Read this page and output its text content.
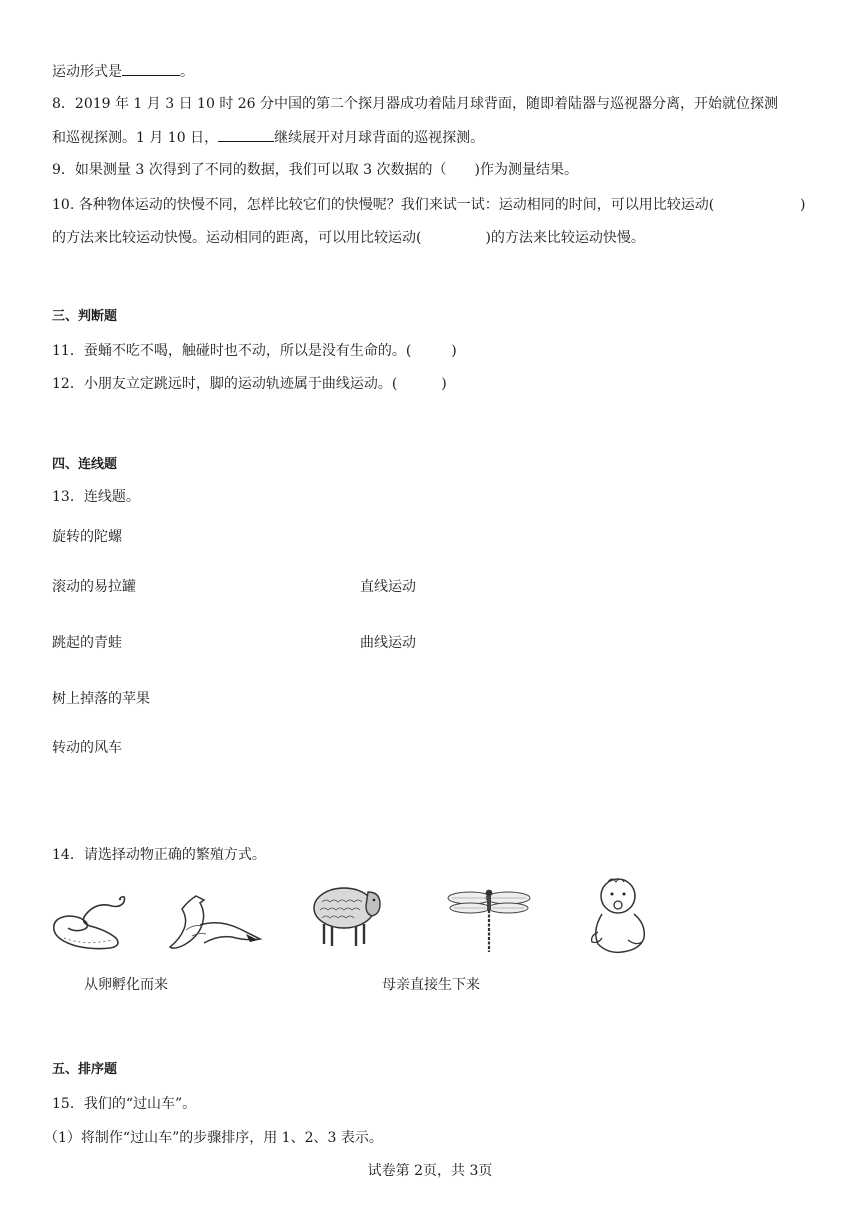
运动形式是	。
8．2019 年 1 月 3 日 10 时 26 分中国的第二个探月器成功着陆月球背面，随即着陆器与巡视器分离，开始就位探测
和巡视探测。1 月 10 日，	继续展开对月球背面的巡视探测。
9．如果测量 3 次得到了不同的数据，我们可以取 3 次数据的（ )作为测量结果。
10. 各种物体运动的快慢不同，怎样比较它们的快慢呢？我们来试一试：运动相同的时间，可以用比较运动(	)
的方法来比较运动快慢。运动相同的距离，可以用比较运动(	)的方法来比较运动快慢。
三、判断题
11．蚕蛹不吃不喝，触碰时也不动，所以是没有生命的。(	)
12．小朋友立定跳远时，脚的运动轨迹属于曲线运动。(	)
四、连线题
13．连线题。
旋转的陀螺
滚动的易拉罐
跳起的青蛙
树上掉落的苹果
转动的风车
直线运动
曲线运动
14．请选择动物正确的繁殖方式。
从卵孵化而来	母亲直接生下来
五、排序题
15．我们的“过山车”。
（1）将制作“过山车”的步骤排序，用 1、2、3 表示。
试卷第 2页，共 3页
